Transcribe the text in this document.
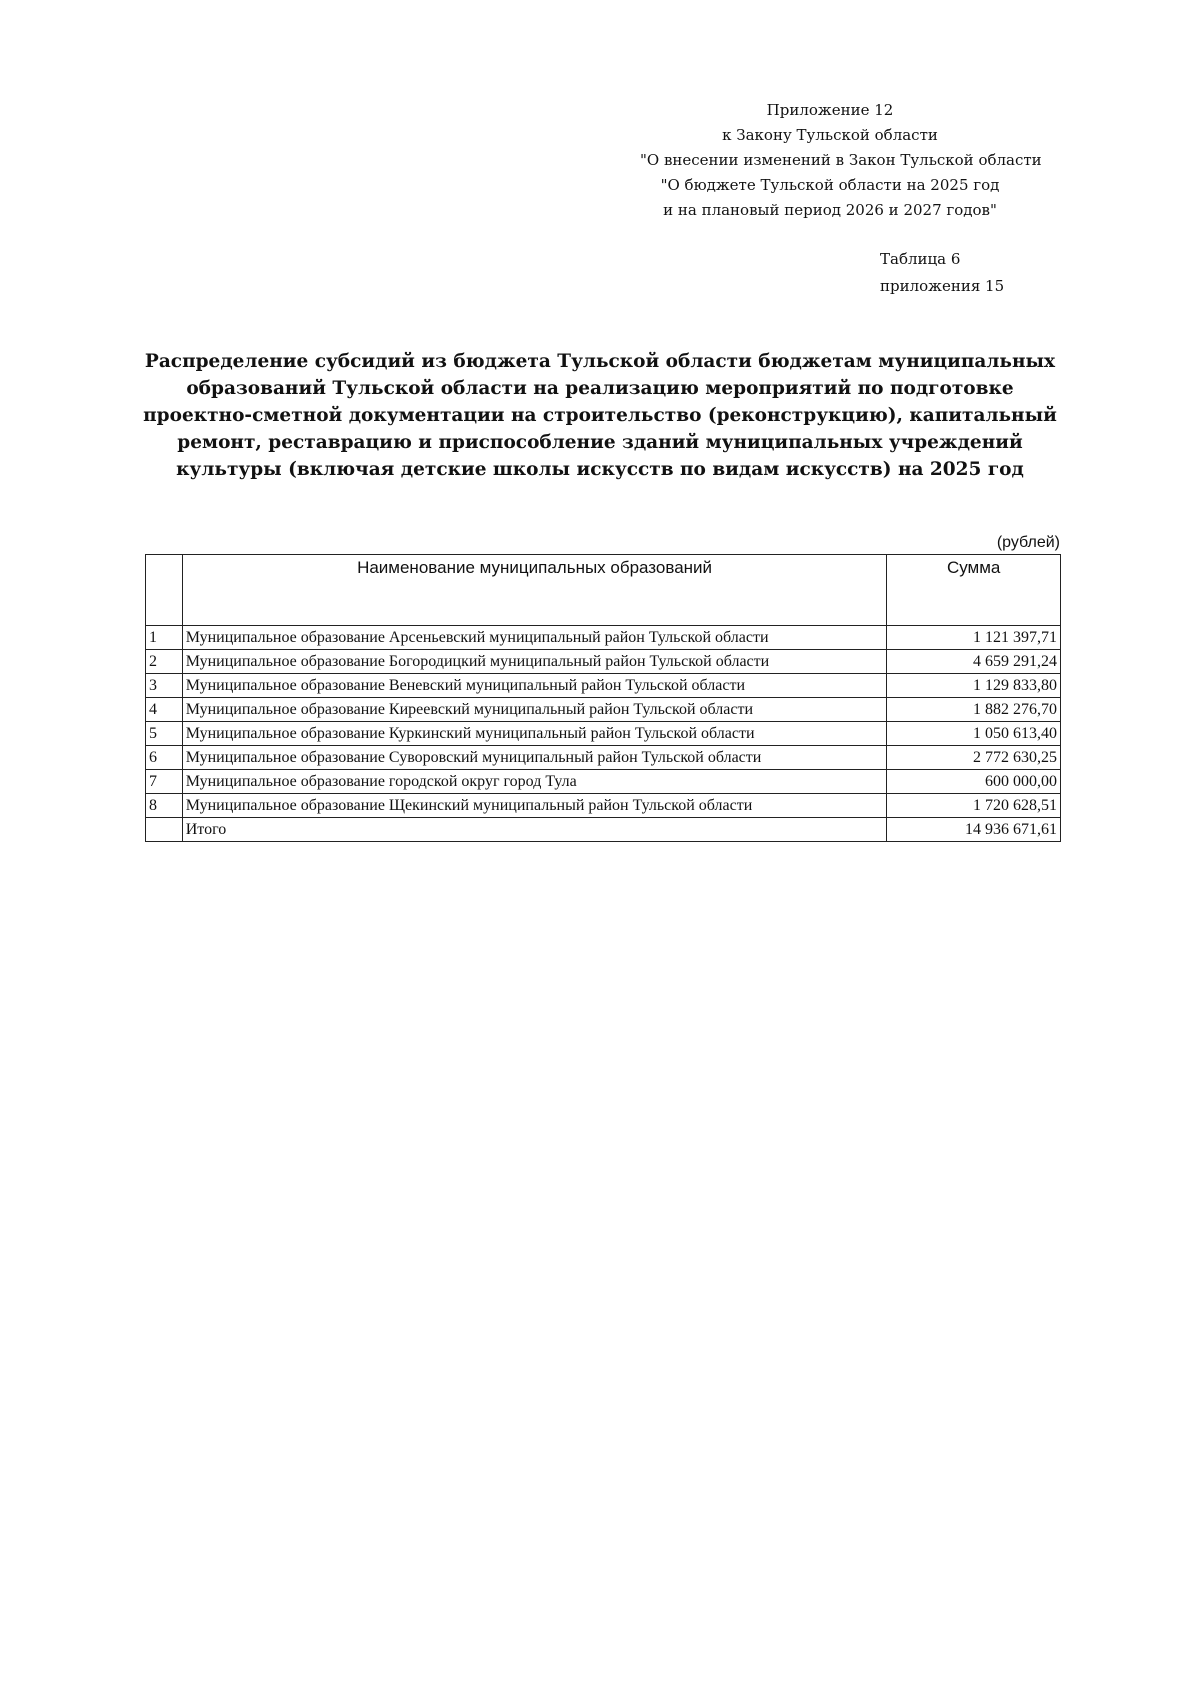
Приложение 12
к Закону Тульской области
"О внесении изменений в Закон Тульской области
"О бюджете Тульской области на 2025 год
и на плановый период 2026 и 2027 годов"
Таблица 6
приложения 15
Распределение субсидий из бюджета Тульской области бюджетам муниципальных образований Тульской области на реализацию мероприятий по подготовке проектно-сметной документации на строительство (реконструкцию), капитальный ремонт, реставрацию и приспособление зданий муниципальных учреждений культуры (включая детские школы искусств по видам искусств) на 2025 год
(рублей)
	Наименование муниципальных образований	Сумма
1	Муниципальное образование Арсеньевский муниципальный район Тульской области	1 121 397,71
2	Муниципальное образование Богородицкий муниципальный район Тульской области	4 659 291,24
3	Муниципальное образование Веневский муниципальный район Тульской области	1 129 833,80
4	Муниципальное образование Киреевский муниципальный район Тульской области	1 882 276,70
5	Муниципальное образование Куркинский муниципальный район Тульской области	1 050 613,40
6	Муниципальное образование Суворовский муниципальный район Тульской области	2 772 630,25
7	Муниципальное образование городской округ город Тула	600 000,00
8	Муниципальное образование Щекинский муниципальный район Тульской области	1 720 628,51
	Итого	14 936 671,61
